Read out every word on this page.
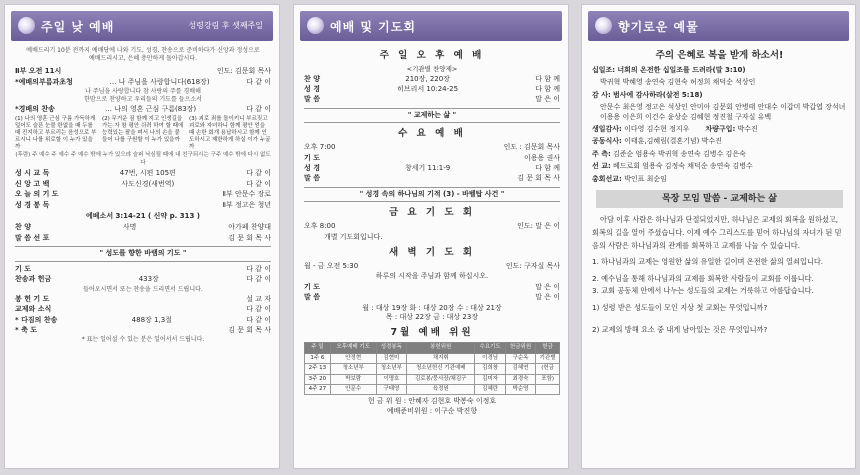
주일 낮 예배	성령강림 후 셋째주일
예배드리기 10분 전까지 예배당에 나와 기도, 성경, 찬송으로 준비하다가 신앙과 정성으로 예배드리시고, 은혜 충만하게 돌아갑시다.
Ⅱ부 오전 11시	인도: 김문회 목사
*예배의부름과초청	… 나 주님을 사랑합니다(618장)	다 같 이
나 주님을 사랑합니다 참 사랑의 주를 경배해
한맘으로 찬양하고 우리들의 기도를 들으소서
*경배의 찬송	… 나의 영혼 근심 구름(83장)	다 같 이
(1) 나의 영혼 근심 구름 가득하게 덮어도 슬픈 눈물 한없을 때 두를 때 진지하고 부르리는 음성으로 부르시니 나를 위로할 이 누가 있을까
(2) 무거운 짐 함께 지고 인생길을 가는 자 참 평안 쉬려 하여 할 때에 능력있는 팔을 펴서 나의 손을 붙들어 나를 구원할 이 누가 있을까
(3) 괴로 죄를 돌이키니 부르짖고 괴로와 자녀하니 함께 평안 얻을 때 손한 회개 용납하시고 함께 인도하시고 제한하게 하실 이가 누굴까
(후렴) 주 예수 주 예수 주 예수 밖에 누가 있으랴 슬퍼 낙심될 때에 내 친구되시는 구주 예수 밖에 다시 없도다
성 시 교 독	47번, 시편 105편	다 같 이
신 앙 고 백	사도신경(새번역)	다 같 이
오 늘 의 기 도	Ⅱ부 안문수 장로
성 경 봉 독	Ⅱ부 정고은 청년
에베소서 3:14-21 ( 신약 p. 313 )
찬 양	사명	아가페 찬양대
말 씀 선 포	김 문 회 목 사
" 성도를 향한 바램의 기도 "
기 도	다 같 이
찬송과 헌금	433장	다 같 이
들어오시면서 또는 찬송을 드리면서 드립니다.
봉 헌 기 도	설 교 자
교제와 소식	다 같 이
* 다짐의 찬송	488장 1,3절	다 같 이
* 축 도	김 문 회 목 사
* 표는 일어설 수 있는 분은 일어서서 드립니다.
예배 및 기도회
주 일 오 후 예 배
<기관별 찬양제>
찬 양	210장, 220장	다 함 께
성 경	히브리서 10:24-25	다 함 께
말 씀	말 은 이
" 교제하는 삶 "
수 요 예 배
오후 7:00	인도 : 김문회 목사
기 도	이용용 권사
성 경	창세기 11:1-9	다 함 께
말 씀	김 문 회 목 사
" 성경 속의 하나님의 기적 (3) - 바벨탑 사건 "
금 요 기 도 회
오후 8:00	인도: 말 은 이
개별 기도회입니다.
새 벽 기 도 회
월 - 금 오전 5:30	인도: 구자실 목사
하루의 시작을 주님과 함께 하십시오.
기 도	말 은 이
말 씀	말 은 이
월 : 대상 19장 화 : 대상 20장 수 : 대상 21장
목 : 대상 22장 금 : 대상 23장
7월 예배 위원
주 일	오후예배 기도	성경봉독	봉헌위원	수요기도	헌금위원	헌금
1주 6	안정현	김현미	채지휘	이경님	구순옥	기관별
2주 13	청소년부	청소년부	청소년헌신 기관예배	김희창	김혜연	(헌금
3주 20	박보람	이명호	김로봉/뭉사장/채김구	김미자	최경숙	포함)
4주 27	안문수	구태영	육정원	김혜란	박순영	
헌 금 위 원 : 안혜자 김현호 박봉숙 이정호
예배준비위원 : 이구순 박진향
향기로운 예물
주의 은혜로 복을 받게 하소서!
십일조: 너희의 온전한 십일조를 드려라(말 3:10)
박귀혁 박혜영 송연숙 김현숙 허정희 채덕순 석상인
감 사: 범사에 감사하라(살전 5:18)
안문수 최은영 정고은 석상인 안미아 김문회 안병태 안대수 이갑미 박갑엽 장석녀 이용용 이은희 이건수 윤상순 김혜현 정진철 구자실 유백
생일감사: 이다영 김수현 정지우 차량구입: 박수진
공동식사: 이태훈,김혜림(결혼기념) 박수진
주 측: 김준순 엄용숙 박귀혁 송연숙 김병수 김은숙
선 교: 베드로회 엄용숙 김정숙 채덕순 송연숙 김병수
총회선교: 박인표 최순임
목장 모임 말씀 - 교제하는 삶
아담 이후 사람은 하나님과 단절되었지만, 하나님은 교제의 회복을 원하셨고, 회복의 길을 열어 주셨습니다. 이제 예수 그리스도를 믿어 하나님의 자녀가 된 믿음의 사람은 하나님과의 관계를 회복하고 교제를 나눌 수 있습니다.
1. 하나님과의 교제는 영원한 삶의 유일한 길이며 온전한 삶의 열쇠입니다.
2. 예수님을 통해 하나님과의 교제를 회복한 사람들이 교회를 이룹니다.
3. 교회 공동체 안에서 나누는 성도들의 교제는 거룩하고 아름답습니다.
1) 성령 받은 성도들이 모인 지상 첫 교회는 무엇입니까?
2) 교제의 방해 요소 중 내게 남아있는 것은 무엇입니까?
